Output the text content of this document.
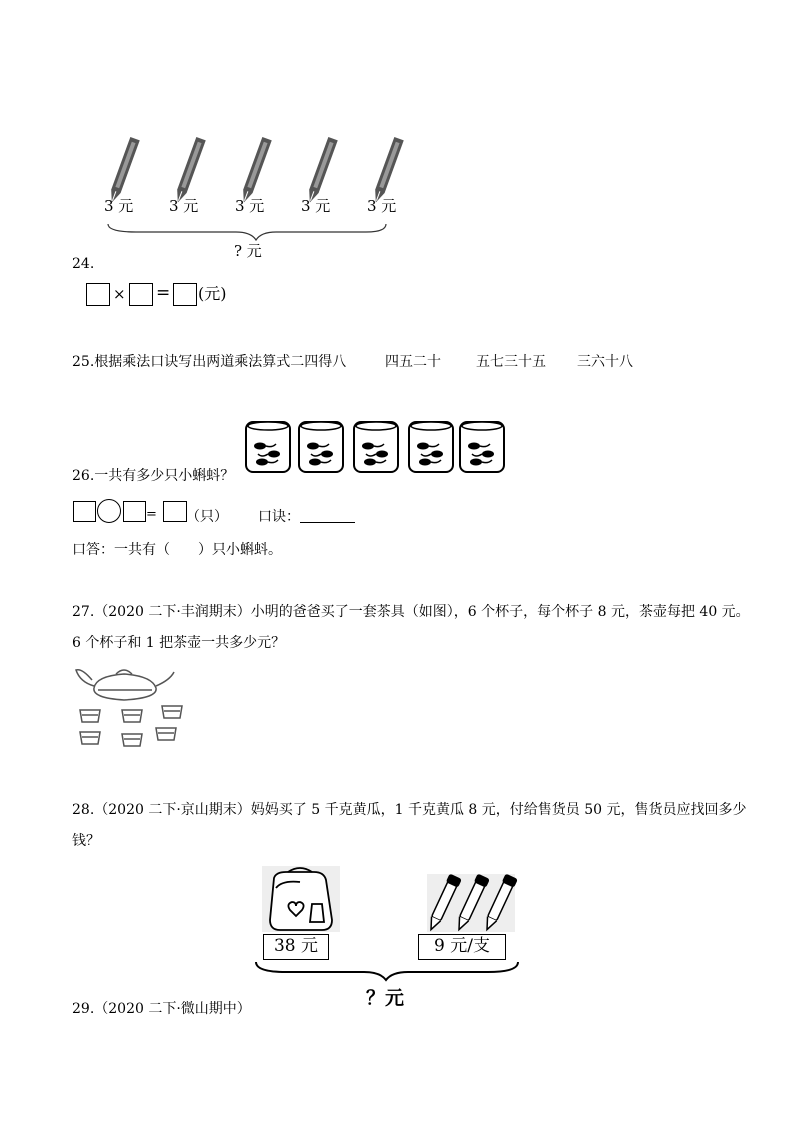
3 元 3 元 3 元 3 元 3 元
? 元
24.
× = (元)
25.根据乘法口诀写出两道乘法算式二四得八	四五二十	五七三十五 三六十八
26.一共有多少只小蝌蚪？
= （只） 口诀：
口答：一共有（　　）只小蝌蚪。
27.（2020 二下·丰润期末）小明的爸爸买了一套茶具（如图），6 个杯子，每个杯子 8 元，茶壶每把 40 元。
6 个杯子和 1 把茶壶一共多少元？
28.（2020 二下·京山期末）妈妈买了 5 千克黄瓜，1 千克黄瓜 8 元，付给售货员 50 元，售货员应找回多少
钱？
38 元	9 元/支
？元
29.（2020 二下·微山期中）
